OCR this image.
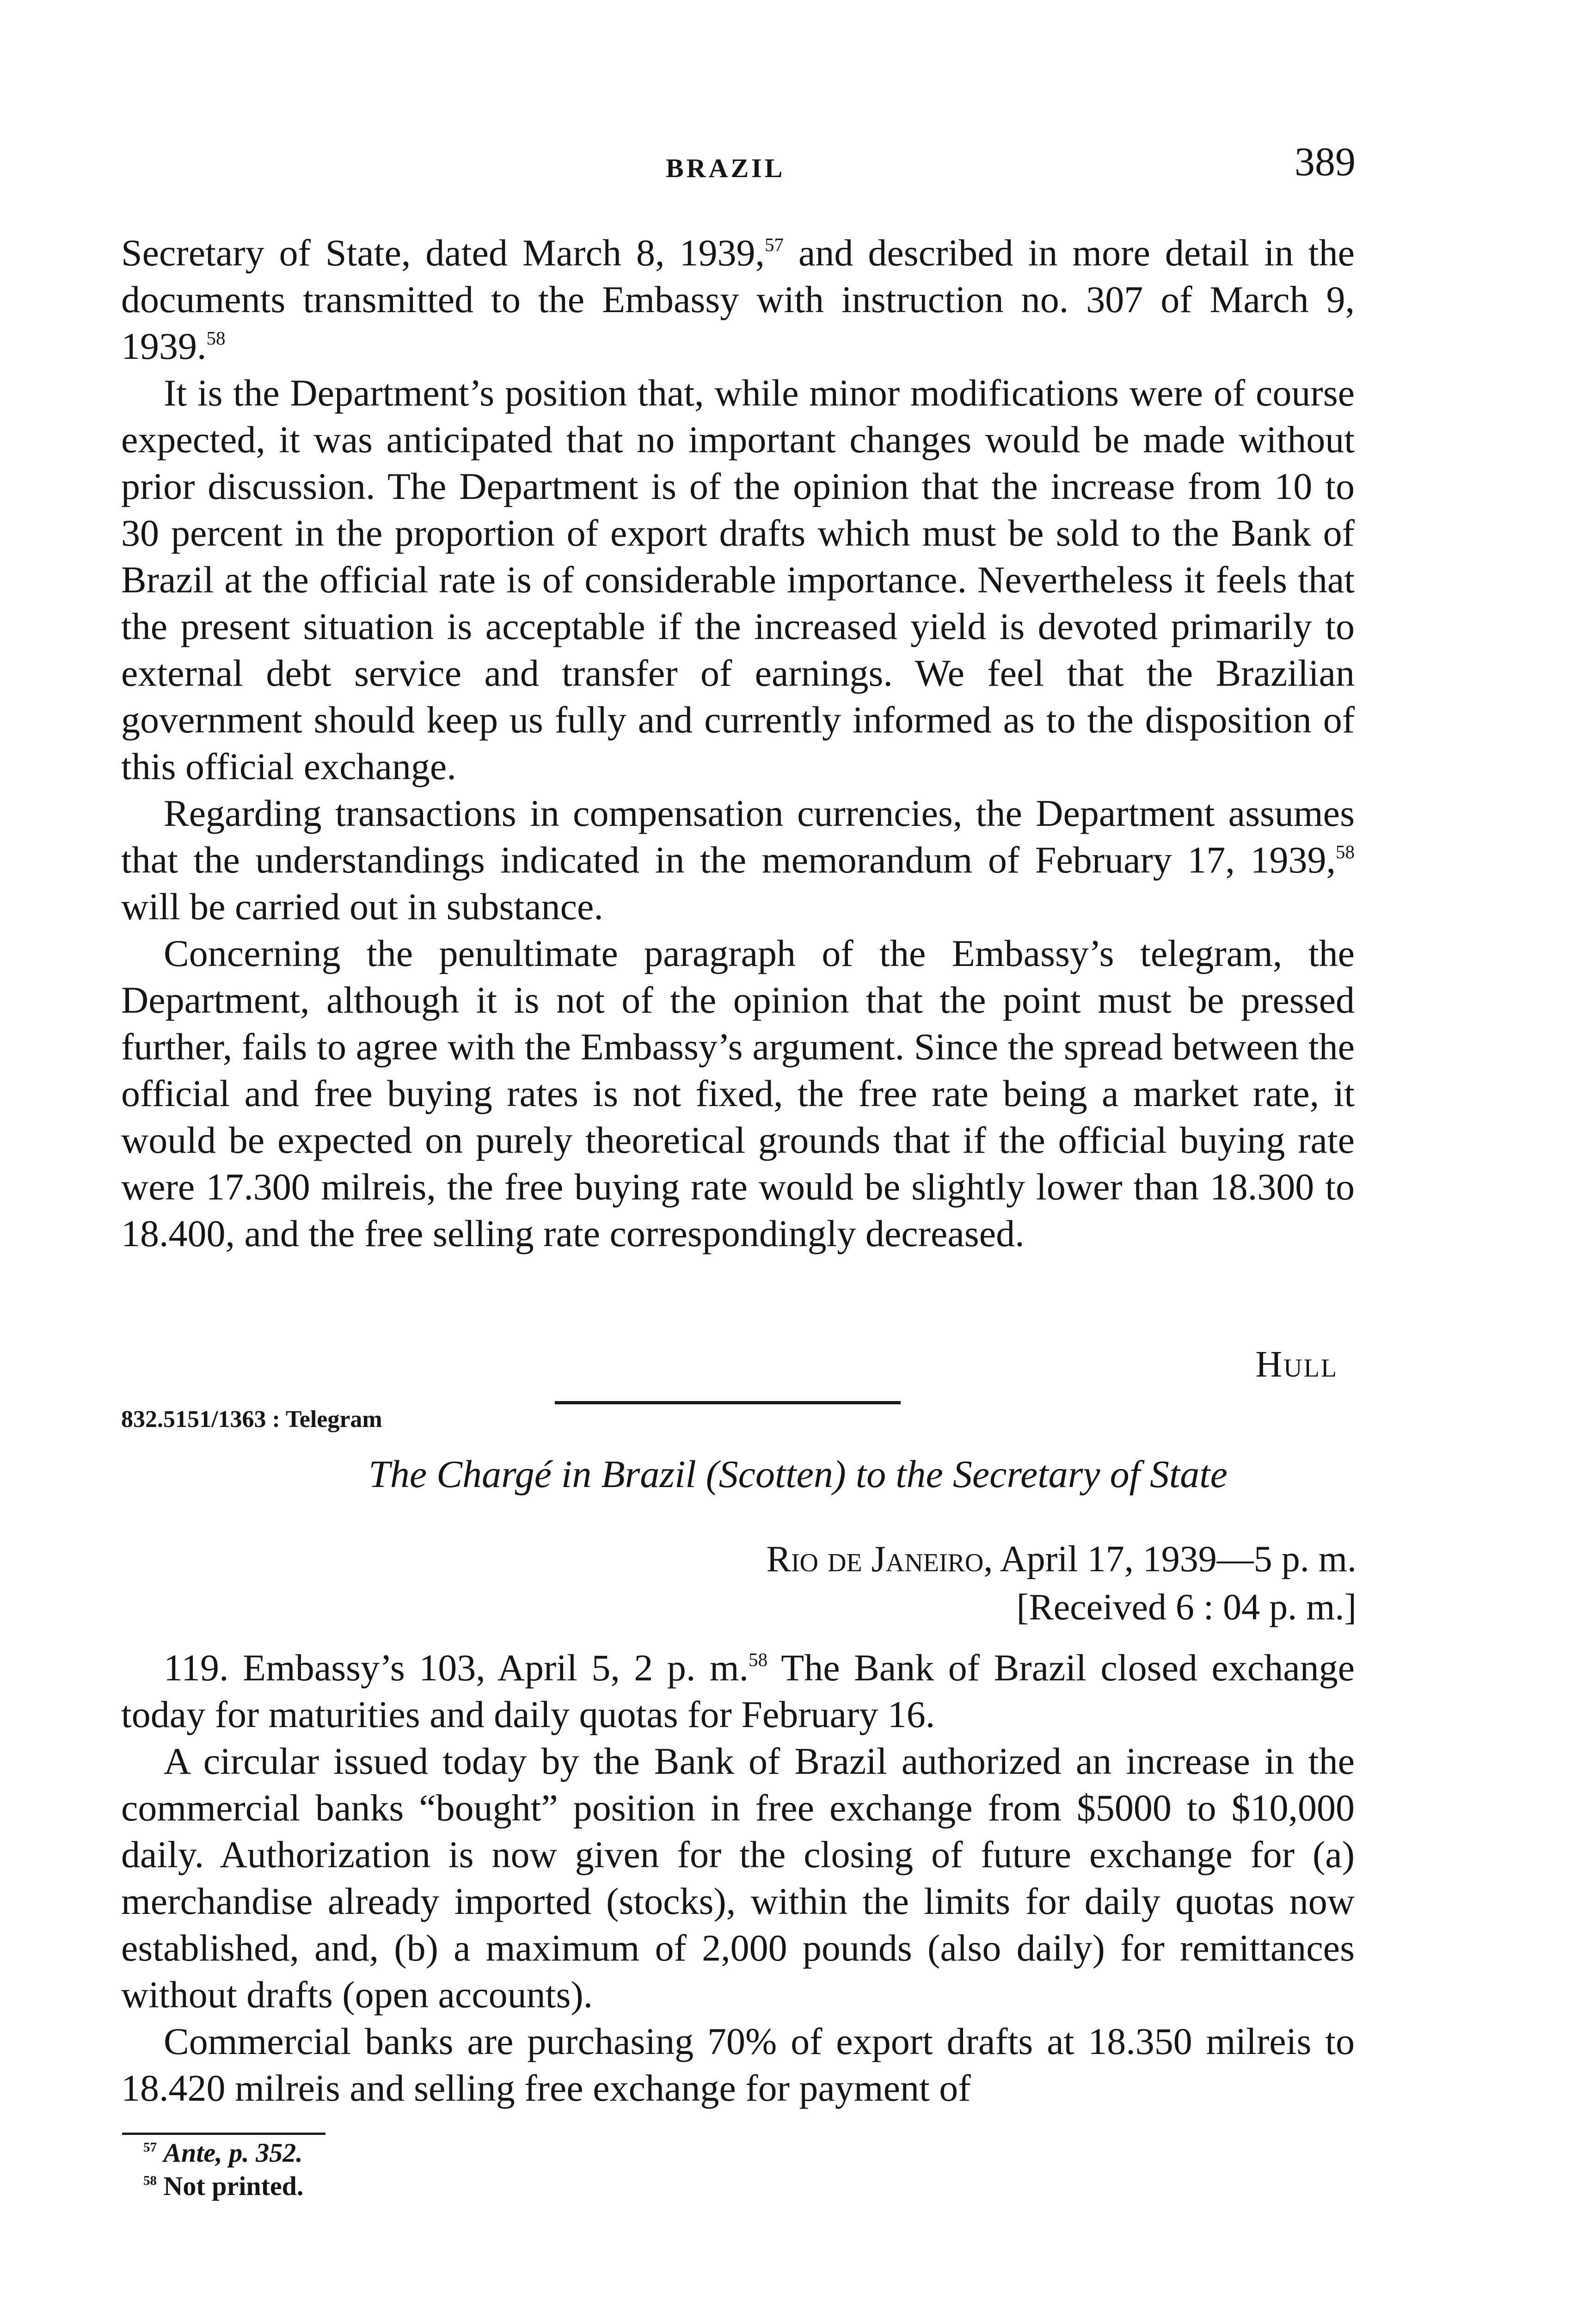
BRAZIL	389

Secretary of State, dated March 8, 1939,57 and described in more detail in the documents transmitted to the Embassy with instruction no. 307 of March 9, 1939.58

It is the Department’s position that, while minor modifications were of course expected, it was anticipated that no important changes would be made without prior discussion. The Department is of the opinion that the increase from 10 to 30 percent in the proportion of export drafts which must be sold to the Bank of Brazil at the official rate is of considerable importance. Nevertheless it feels that the present situation is acceptable if the increased yield is devoted primarily to external debt service and transfer of earnings. We feel that the Brazilian government should keep us fully and currently informed as to the disposition of this official exchange.

Regarding transactions in compensation currencies, the Department assumes that the understandings indicated in the memorandum of February 17, 1939,58 will be carried out in substance.

Concerning the penultimate paragraph of the Embassy’s telegram, the Department, although it is not of the opinion that the point must be pressed further, fails to agree with the Embassy’s argument. Since the spread between the official and free buying rates is not fixed, the free rate being a market rate, it would be expected on purely theoretical grounds that if the official buying rate were 17.300 milreis, the free buying rate would be slightly lower than 18.300 to 18.400, and the free selling rate correspondingly decreased.

Hull
832.5151/1363 : Telegram
The Chargé in Brazil (Scotten) to the Secretary of State
Rio de Janeiro, April 17, 1939—5 p. m.
[Received 6 : 04 p. m.]

119. Embassy’s 103, April 5, 2 p. m.$^{58}$ The Bank of Brazil closed exchange today for maturities and daily quotas for February 16.

A circular issued today by the Bank of Brazil authorized an increase in the commercial banks “bought” position in free exchange from $5000 to $10,000 daily. Authorization is now given for the closing of future exchange for (a) merchandise already imported (stocks), within the limits for daily quotas now established, and, (b) a maximum of 2,000 pounds (also daily) for remittances without drafts (open accounts).

Commercial banks are purchasing 70% of export drafts at 18.350 milreis to 18.420 milreis and selling free exchange for payment of

$^{57}$ Ante, p. 352.
$^{58}$ Not printed.
